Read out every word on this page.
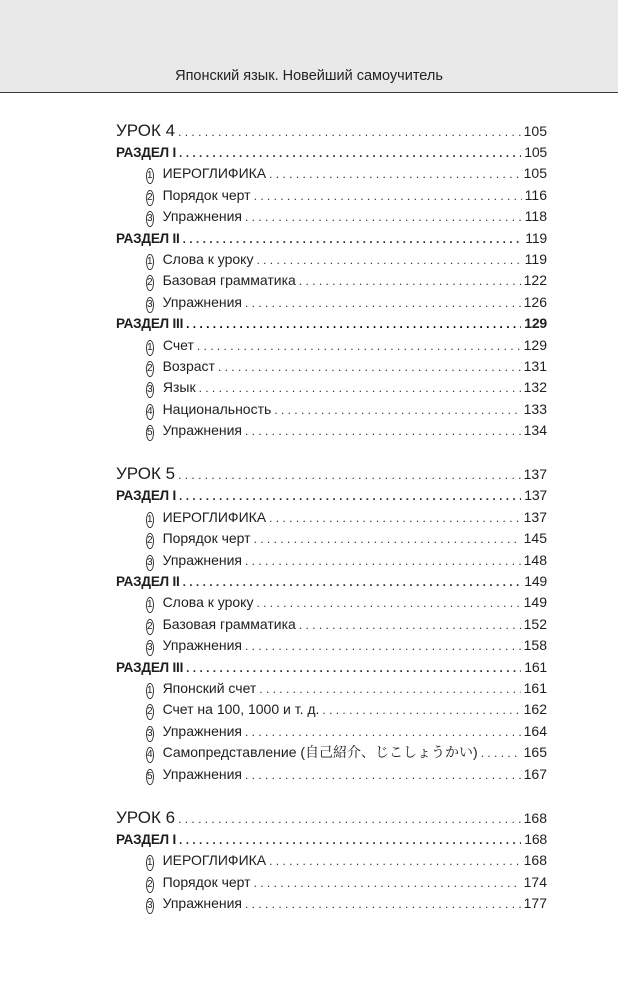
Японский язык. Новейший самоучитель
УРОК 4 . . .	105
РАЗДЕЛ I . . .	105
1 ИЕРОГЛИФИКА . . .	105
2 Порядок черт . . .	116
3 Упражнения . . .	118
РАЗДЕЛ II . . .	119
1 Слова к уроку . . .	119
2 Базовая грамматика . . .	122
3 Упражнения . . .	126
РАЗДЕЛ III . . .	129
1 Счет . . .	129
2 Возраст . . .	131
3 Язык . . .	132
4 Национальность . . .	133
5 Упражнения . . .	134
УРОК 5 . . .	137
РАЗДЕЛ I . . .	137
1 ИЕРОГЛИФИКА . . .	137
2 Порядок черт . . .	145
3 Упражнения . . .	148
РАЗДЕЛ II . . .	149
1 Слова к уроку . . .	149
2 Базовая грамматика . . .	152
3 Упражнения . . .	158
РАЗДЕЛ III . . .	161
1 Японский счет . . .	161
2 Счет на 100, 1000 и т. д. . . .	162
3 Упражнения . . .	164
4 Самопредставление (自己紹介、じこしょうかい) . . .	165
5 Упражнения . . .	167
УРОК 6 . . .	168
РАЗДЕЛ I . . .	168
1 ИЕРОГЛИФИКА . . .	168
2 Порядок черт . . .	174
3 Упражнения . . .	177
